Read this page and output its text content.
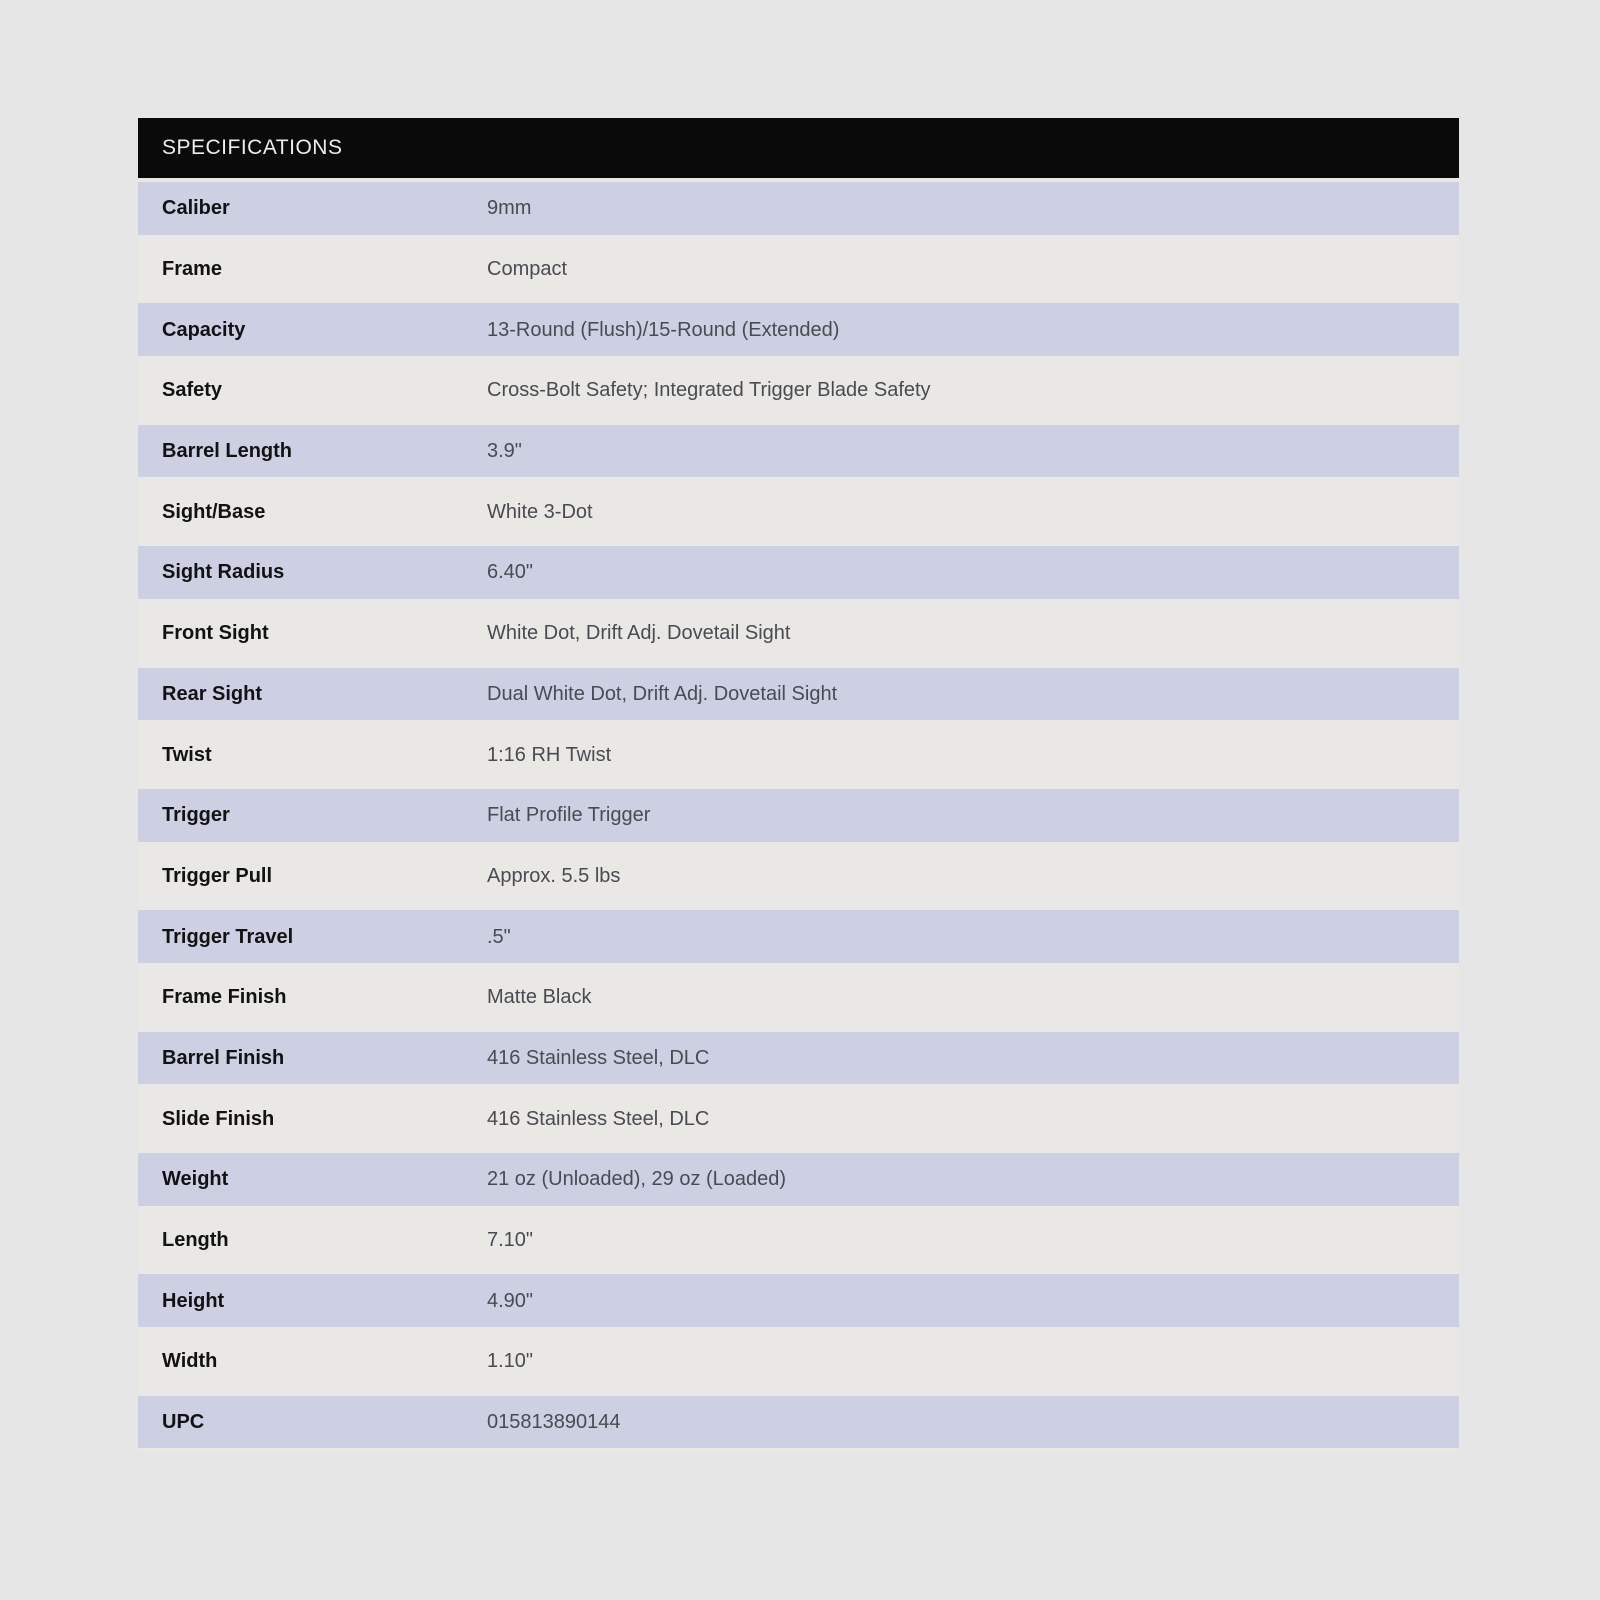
SPECIFICATIONS
Caliber	9mm
Frame	Compact
Capacity	13-Round (Flush)/15-Round (Extended)
Safety	Cross-Bolt Safety; Integrated Trigger Blade Safety
Barrel Length	3.9"
Sight/Base	White 3-Dot
Sight Radius	6.40"
Front Sight	White Dot, Drift Adj. Dovetail Sight
Rear Sight	Dual White Dot, Drift Adj. Dovetail Sight
Twist	1:16 RH Twist
Trigger	Flat Profile Trigger
Trigger Pull	Approx. 5.5 lbs
Trigger Travel	.5"
Frame Finish	Matte Black
Barrel Finish	416 Stainless Steel, DLC
Slide Finish	416 Stainless Steel, DLC
Weight	21 oz (Unloaded), 29 oz (Loaded)
Length	7.10"
Height	4.90"
Width	1.10"
UPC	015813890144
